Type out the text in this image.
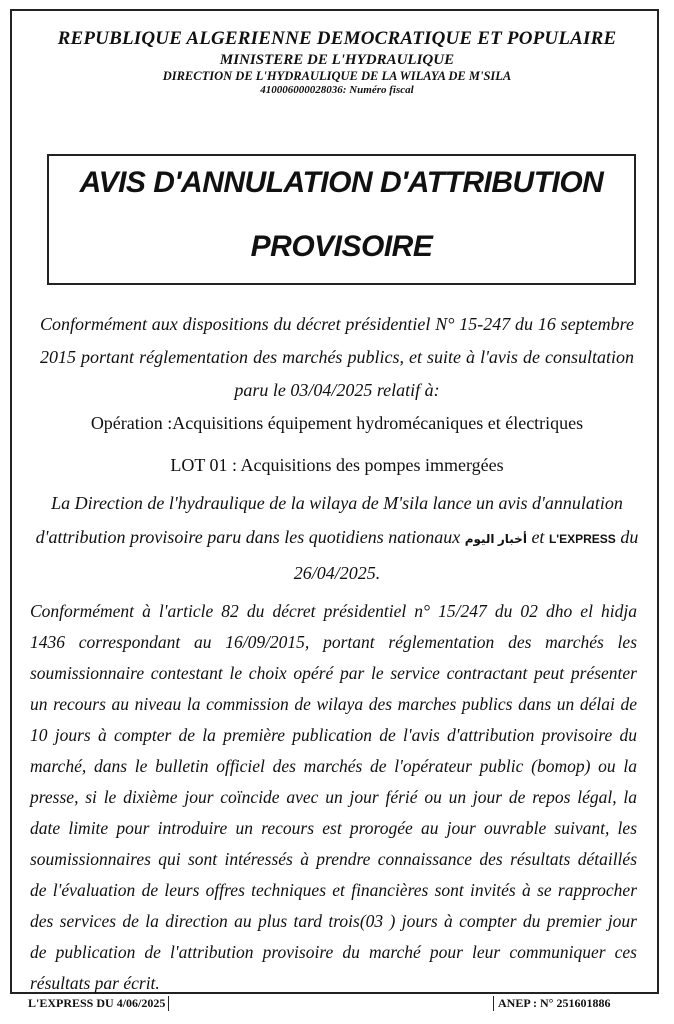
REPUBLIQUE ALGERIENNE DEMOCRATIQUE ET POPULAIRE
MINISTERE DE L'HYDRAULIQUE
DIRECTION DE L'HYDRAULIQUE DE LA WILAYA DE M'SILA
410006000028036: Numéro fiscal
AVIS D'ANNULATION D'ATTRIBUTION
PROVISOIRE
Conformément aux dispositions du décret présidentiel N° 15-247 du 16 septembre
2015 portant réglementation des marchés publics, et suite à l'avis de consultation
paru le 03/04/2025 relatif à:
Opération :Acquisitions équipement hydromécaniques et électriques
LOT 01 : Acquisitions des pompes immergées
La Direction de l'hydraulique de la wilaya de M'sila lance un avis d'annulation
d'attribution provisoire paru dans les quotidiens nationaux أخبار اليوم et L'EXPRESS du
26/04/2025.
Conformément à l'article 82 du décret présidentiel n° 15/247 du 02 dho el hidja
1436 correspondant au 16/09/2015, portant réglementation des marchés les
soumissionnaire contestant le choix opéré par le service contractant peut présenter
un recours au niveau la commission de wilaya des marches publics dans un délai de
10 jours à compter de la première publication de l'avis d'attribution provisoire du
marché, dans le bulletin officiel des marchés de l'opérateur public (bomop) ou la
presse, si le dixième jour coïncide avec un jour férié ou un jour de repos légal, la
date limite pour introduire un recours est prorogée au jour ouvrable suivant, les
soumissionnaires qui sont intéressés à prendre connaissance des résultats détaillés
de l'évaluation de leurs offres techniques et financières sont invités à se rapprocher
des services de la direction au plus tard trois(03 ) jours à compter du premier jour
de publication de l'attribution provisoire du marché pour leur communiquer ces
résultats par écrit.
L'EXPRESS DU 4/06/2025	ANEP : N° 251601886
